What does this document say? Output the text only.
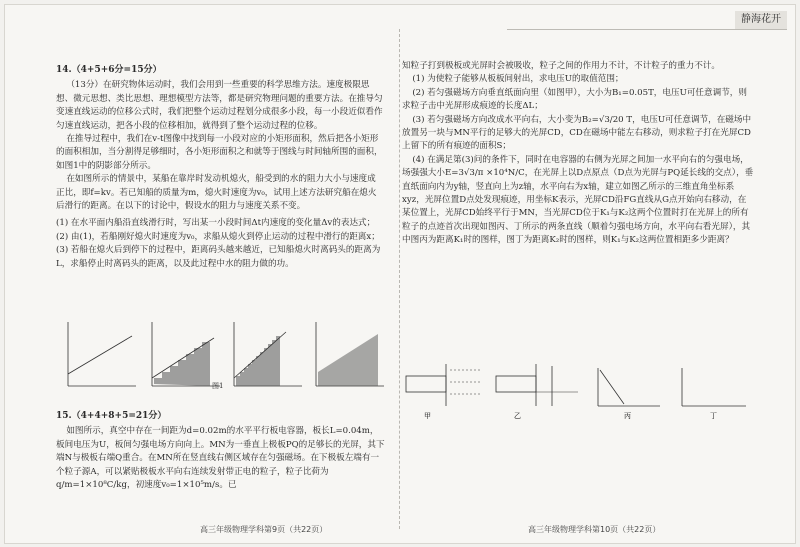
静海花开

14.（4+5+6分=15分）

（13分）在研究物体运动时，我们会用到一些重要的科学思维方法。速度极限思想、微元思想、类比思想、理想模型方法等，都是研究物理问题的重要方法。在推导匀变速直线运动的位移公式时，我们把整个运动过程划分成很多小段，每一小段近似看作匀速直线运动，把各小段的位移相加，就得到了整个运动过程的位移。

在推导过程中，我们在v-t图像中找到每一小段对应的小矩形面积，然后把各小矩形的面积相加，当分割得足够细时，各小矩形面积之和就等于图线与时间轴所围的面积，如图1中的阴影部分所示。

在如图所示的情景中，某船在靠岸时发动机熄火，船受到的水的阻力大小与速度成正比，即f=kv。若已知船的质量为m，熄火时速度为v₀，试用上述方法研究船在熄火后滑行的距离。在以下的讨论中，假设水的阻力与速度关系不变。

(1) 在水平面内船沿直线滑行时，写出某一小段时间Δt内速度的变化量Δv的表达式；

(2) 由(1)，若船刚好熄火时速度为v₀，求船从熄火到停止运动的过程中滑行的距离x；

(3) 若船在熄火后到停下的过程中，距离码头越来越近，已知船熄火时离码头的距离为L，求船停止时离码头的距离，以及此过程中水的阻力做的功。

图1

15.（4+4+8+5=21分）

如图所示，真空中存在一间距为d=0.02m的水平平行板电容器，板长L=0.04m，板间电压为U，板间匀强电场方向向上。MN为一垂直上极板PQ的足够长的光屏，其下端N与极板右端Q重合。在MN所在竖直线右侧区域存在匀强磁场。在下极板左端有一个粒子源A，可以紧贴极板水平向右连续发射带正电的粒子，粒子比荷为q/m=1×10⁸C/kg，初速度v₀=1×10⁵m/s。已

知粒子打到极板或光屏时会被吸收，粒子之间的作用力不计，不计粒子的重力不计。

(1) 为使粒子能够从板板间射出，求电压U的取值范围；

(2) 若匀强磁场方向垂直纸面向里（如图甲），大小为B₁=0.05T，电压U可任意调节，则求粒子击中光屏形成痕迹的长度ΔL；

(3) 若匀强磁场方向改成水平向右，大小变为B₂=√3/20 T，电压U可任意调节，在磁场中放置另一块与MN平行的足够大的光屏CD，CD在磁场中能左右移动，则求粒子打在光屏CD上留下的所有痕迹的面积S；

(4) 在满足第(3)问的条件下，同时在电容器的右侧为光屏之间加一水平向右的匀强电场，场强强大小E=3√3/π ×10⁴N/C，在光屏上以D点原点（D点为光屏与PQ延长线的交点），垂直纸面向内为y轴，竖直向上为z轴，水平向右为x轴，建立如图乙所示的三维直角坐标系xyz，光屏位置D点处发现痕迹，用坐标K表示，光屏CD沿FG直线从G点开始向右移动，在某位置上，光屏CD始终平行于MN，当光屏CD位于K₁与K₂这两个位置时打在光屏上的所有粒子的点迹首次出现如图丙、丁所示的两条直线（顺着匀强电场方向，水平向右看光屏），其中图丙为距离K₁时的图样，图丁为距离K₂时的图样，则K₁与K₂这两位置相距多少距离？

甲	乙	丙	丁
高三年级物理学科第9页（共22页）	高三年级物理学科第10页（共22页）
